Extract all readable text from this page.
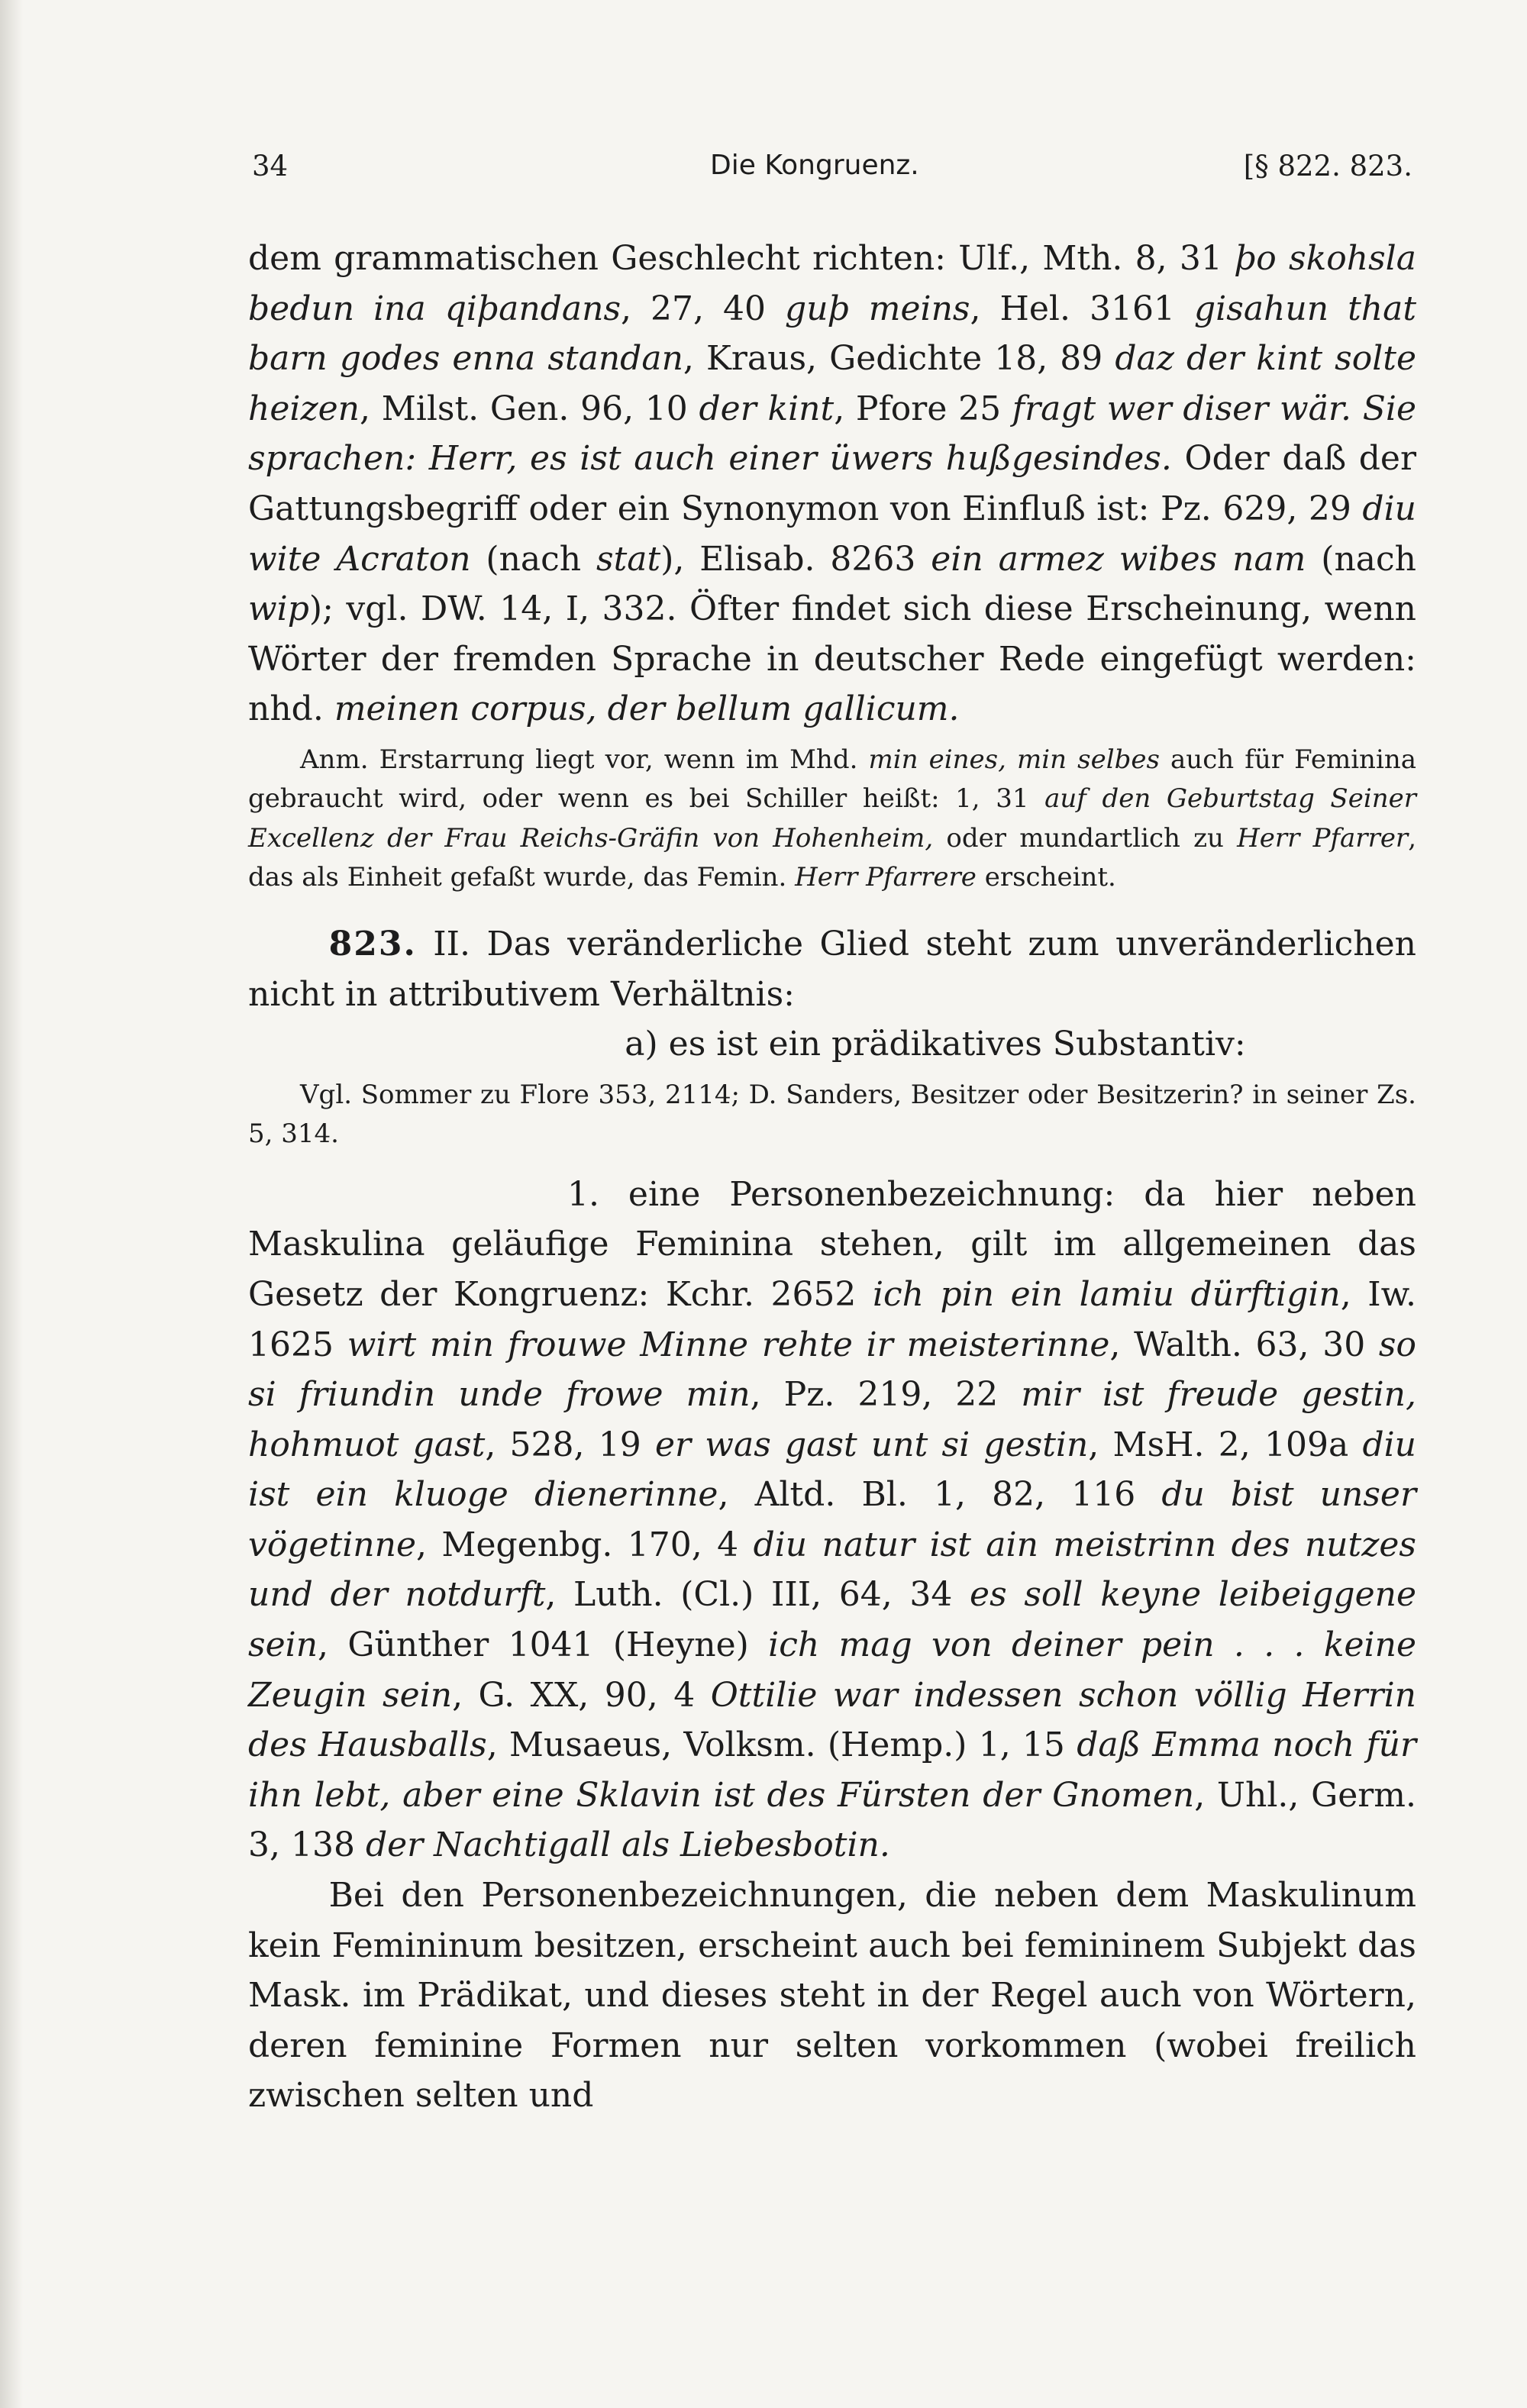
34	Die Kongruenz.	[§ 822. 823.

dem grammatischen Geschlecht richten: Ulf., Mth. 8, 31 þo skohsla bedun ina qiþandans, 27, 40 guþ meins, Hel. 3161 gisahun that barn godes enna standan, Kraus, Gedichte 18, 89 daz der kint solte heizen, Milst. Gen. 96, 10 der kint, Pfore 25 fragt wer diser wär. Sie sprachen: Herr, es ist auch einer üwers hußgesindes. Oder daß der Gattungsbegriff oder ein Synonymon von Einfluß ist: Pz. 629, 29 diu wite Acraton (nach stat), Elisab. 8263 ein armez wibes nam (nach wip); vgl. DW. 14, I, 332. Öfter findet sich diese Erscheinung, wenn Wörter der fremden Sprache in deutscher Rede eingefügt werden: nhd. meinen corpus, der bellum gallicum.

Anm. Erstarrung liegt vor, wenn im Mhd. min eines, min selbes auch für Feminina gebraucht wird, oder wenn es bei Schiller heißt: 1, 31 auf den Geburtstag Seiner Excellenz der Frau Reichs-Gräfin von Hohenheim, oder mundartlich zu Herr Pfarrer, das als Einheit gefaßt wurde, das Femin. Herr Pfarrere erscheint.

823. II. Das veränderliche Glied steht zum unveränderlichen nicht in attributivem Verhältnis:

a) es ist ein prädikatives Substantiv:

Vgl. Sommer zu Flore 353, 2114; D. Sanders, Besitzer oder Besitzerin? in seiner Zs. 5, 314.

1. eine Personenbezeichnung: da hier neben Maskulina geläufige Feminina stehen, gilt im allgemeinen das Gesetz der Kongruenz: Kchr. 2652 ich pin ein lamiu dürftigin, Iw. 1625 wirt min frouwe Minne rehte ir meisterinne, Walth. 63, 30 so si friundin unde frowe min, Pz. 219, 22 mir ist freude gestin, hohmuot gast, 528, 19 er was gast unt si gestin, MsH. 2, 109a diu ist ein kluoge dienerinne, Altd. Bl. 1, 82, 116 du bist unser vögetinne, Megenbg. 170, 4 diu natur ist ain meistrinn des nutzes und der notdurft, Luth. (Cl.) III, 64, 34 es soll keyne leibeiggene sein, Günther 1041 (Heyne) ich mag von deiner pein . . . keine Zeugin sein, G. XX, 90, 4 Ottilie war indessen schon völlig Herrin des Hausballs, Musaeus, Volksm. (Hemp.) 1, 15 daß Emma noch für ihn lebt, aber eine Sklavin ist des Fürsten der Gnomen, Uhl., Germ. 3, 138 der Nachtigall als Liebesbotin.

Bei den Personenbezeichnungen, die neben dem Maskulinum kein Femininum besitzen, erscheint auch bei femininem Subjekt das Mask. im Prädikat, und dieses steht in der Regel auch von Wörtern, deren feminine Formen nur selten vorkommen (wobei freilich zwischen selten und
